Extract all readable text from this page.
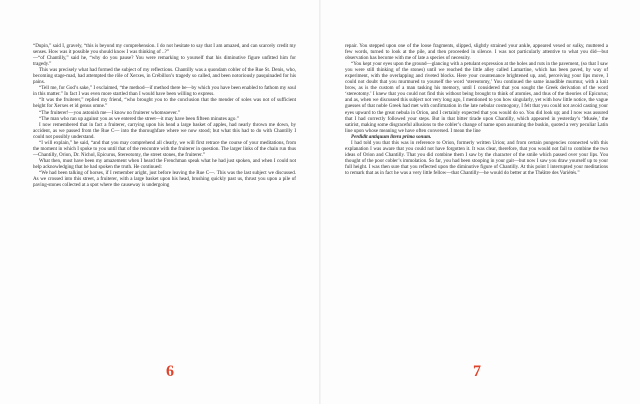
“Dupin,” said I, gravely, “this is beyond my comprehension. I do not hesitate to say that I am amazed, and can scarcely credit my senses. How was it possible you should know I was thinking of ..?”

—“of Chantilly,” said he, “why do you pause? You were remarking to yourself that his diminutive figure unfitted him for tragedy.”

This was precisely what had formed the subject of my reflections. Chantilly was a quondam cobler of the Rue St. Denis, who, becoming stage-mad, had attempted the rôle of Xerxes, in Crébillon’s tragedy so called, and been notoriously pasquinaded for his pains.

“Tell me, for God’s sake,” I exclaimed, “the method—if method there be—by which you have been enabled to fathom my soul in this matter.” In fact I was even more startled than I would have been willing to express.

“It was the fruiterer,” replied my friend, “who brought you to the conclusion that the mender of soles was not of sufficient height for Xerxes et id genus omne.”

“The fruiterer!—you astonish me—I know no fruiterer whomsoever.”

“The man who ran up against you as we entered the street—it may have been fifteen minutes ago.”

I now remembered that in fact a fruiterer, carrying upon his head a large basket of apples, had nearly thrown me down, by accident, as we passed from the Rue C— into the thoroughfare where we now stood; but what this had to do with Chantilly I could not possibly understand.

“I will explain,” he said, “and that you may comprehend all clearly, we will first retrace the course of your meditations, from the moment in which I spoke to you until that of the rencontre with the fruiterer in question. The larger links of the chain run thus—Chantilly, Orion, Dr. Nichol, Epicurus, Stereotomy, the street stones, the fruiterer.”

What then, must have been my amazement when I heard the Frenchman speak what he had just spoken, and when I could not help acknowledging that he had spoken the truth. He continued:

“We had been talking of horses, if I remember aright, just before leaving the Rue C—. This was the last subject we discussed. As we crossed into this street, a fruiterer, with a large basket upon his head, brushing quickly past us, thrust you upon a pile of paving-stones collected at a spot where the causeway is undergoing

6

repair. You stepped upon one of the loose fragments, slipped, slightly strained your ankle, appeared vexed or sulky, muttered a few words, turned to look at the pile, and then proceeded in silence. I was not particularly attentive to what you did—but observation has become with me of late a species of necessity.

“You kept your eyes upon the ground—glancing with a petulant expression at the holes and ruts in the pavement, (so that I saw you were still thinking of the stones) until we reached the little alley called Lamartine, which has been paved, by way of experiment, with the overlapping and riveted blocks. Here your countenance brightened up, and, perceiving your lips move, I could not doubt that you murmured to yourself the word ‘stereotomy,’ You continued the same inaudible murmur, with a knit brow, as is the custom of a man tasking his memory, until I considered that you sought the Greek derivation of the word ‘stereotomy.’ I knew that you could not find this without being brought to think of atomies, and thus of the theories of Epicurus; and as, when we discussed this subject not very long ago, I mentioned to you how singularly, yet with how little notice, the vague guesses of that noble Greek had met with confirmation in the late nebular cosmogony, I felt that you could not avoid casting your eyes upward to the great nebula in Orion, and I certainly expected that you would do so. You did look up; and I now was assured that I had correctly followed your steps. But in that bitter tirade upon Chantilly, which appeared in yesterday’s ‘Musée,’ the satirist, making some disgraceful allusions to the cobler’s change of name upon assuming the buskin, quoted a very peculiar Latin line upon whose meaning we have often conversed. I mean the line

Perdidit antiquum litera prima sonum.

I had told you that this was in reference to Orion, formerly written Urion; and from certain pungencies connected with this explanation I was aware that you could not have forgotten it. It was clear, therefore, that you would not fail to combine the two ideas of Orion and Chantilly. That you did combine them I saw by the character of the smile which passed over your lips. You thought of the poor cobler’s immolation. So far, you had been stooping in your gait—but now I saw you draw yourself up to your full height. I was then sure that you reflected upon the diminutive figure of Chantilly. At this point I interrupted your meditations to remark that as in fact he was a very little fellow—that Chantilly—he would do better at the Théâtre des Variétés.”

7
